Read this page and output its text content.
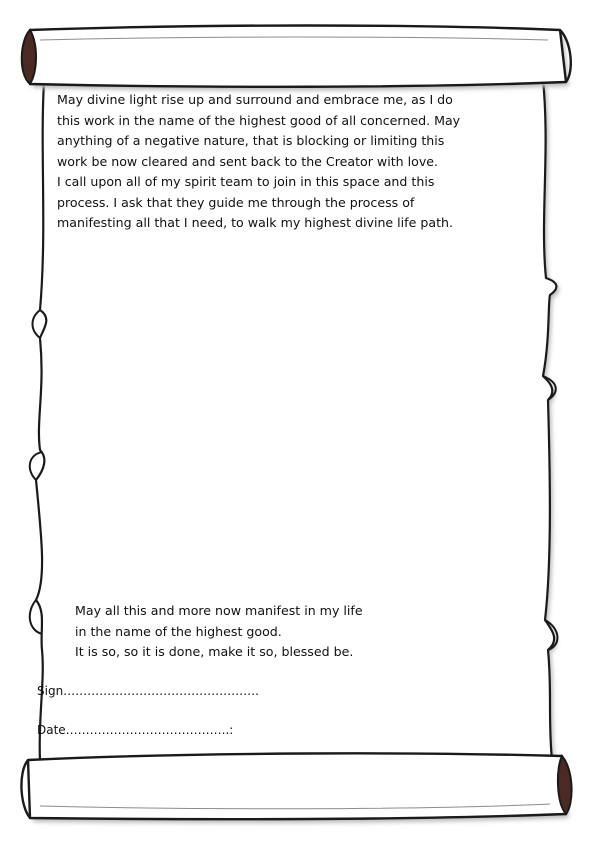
May divine light rise up and surround and embrace me, as I do
this work in the name of the highest good of all concerned. May
anything of a negative nature, that is blocking or limiting this
work be now cleared and sent back to the Creator with love.
I call upon all of my spirit team to join in this space and this
process. I ask that they guide me through the process of
manifesting all that I need, to walk my highest divine life path.
May all this and more now manifest in my life
in the name of the highest good.
It is so, so it is done, make it so, blessed be.
Sign………………………………………….
Date…………………………………..:
